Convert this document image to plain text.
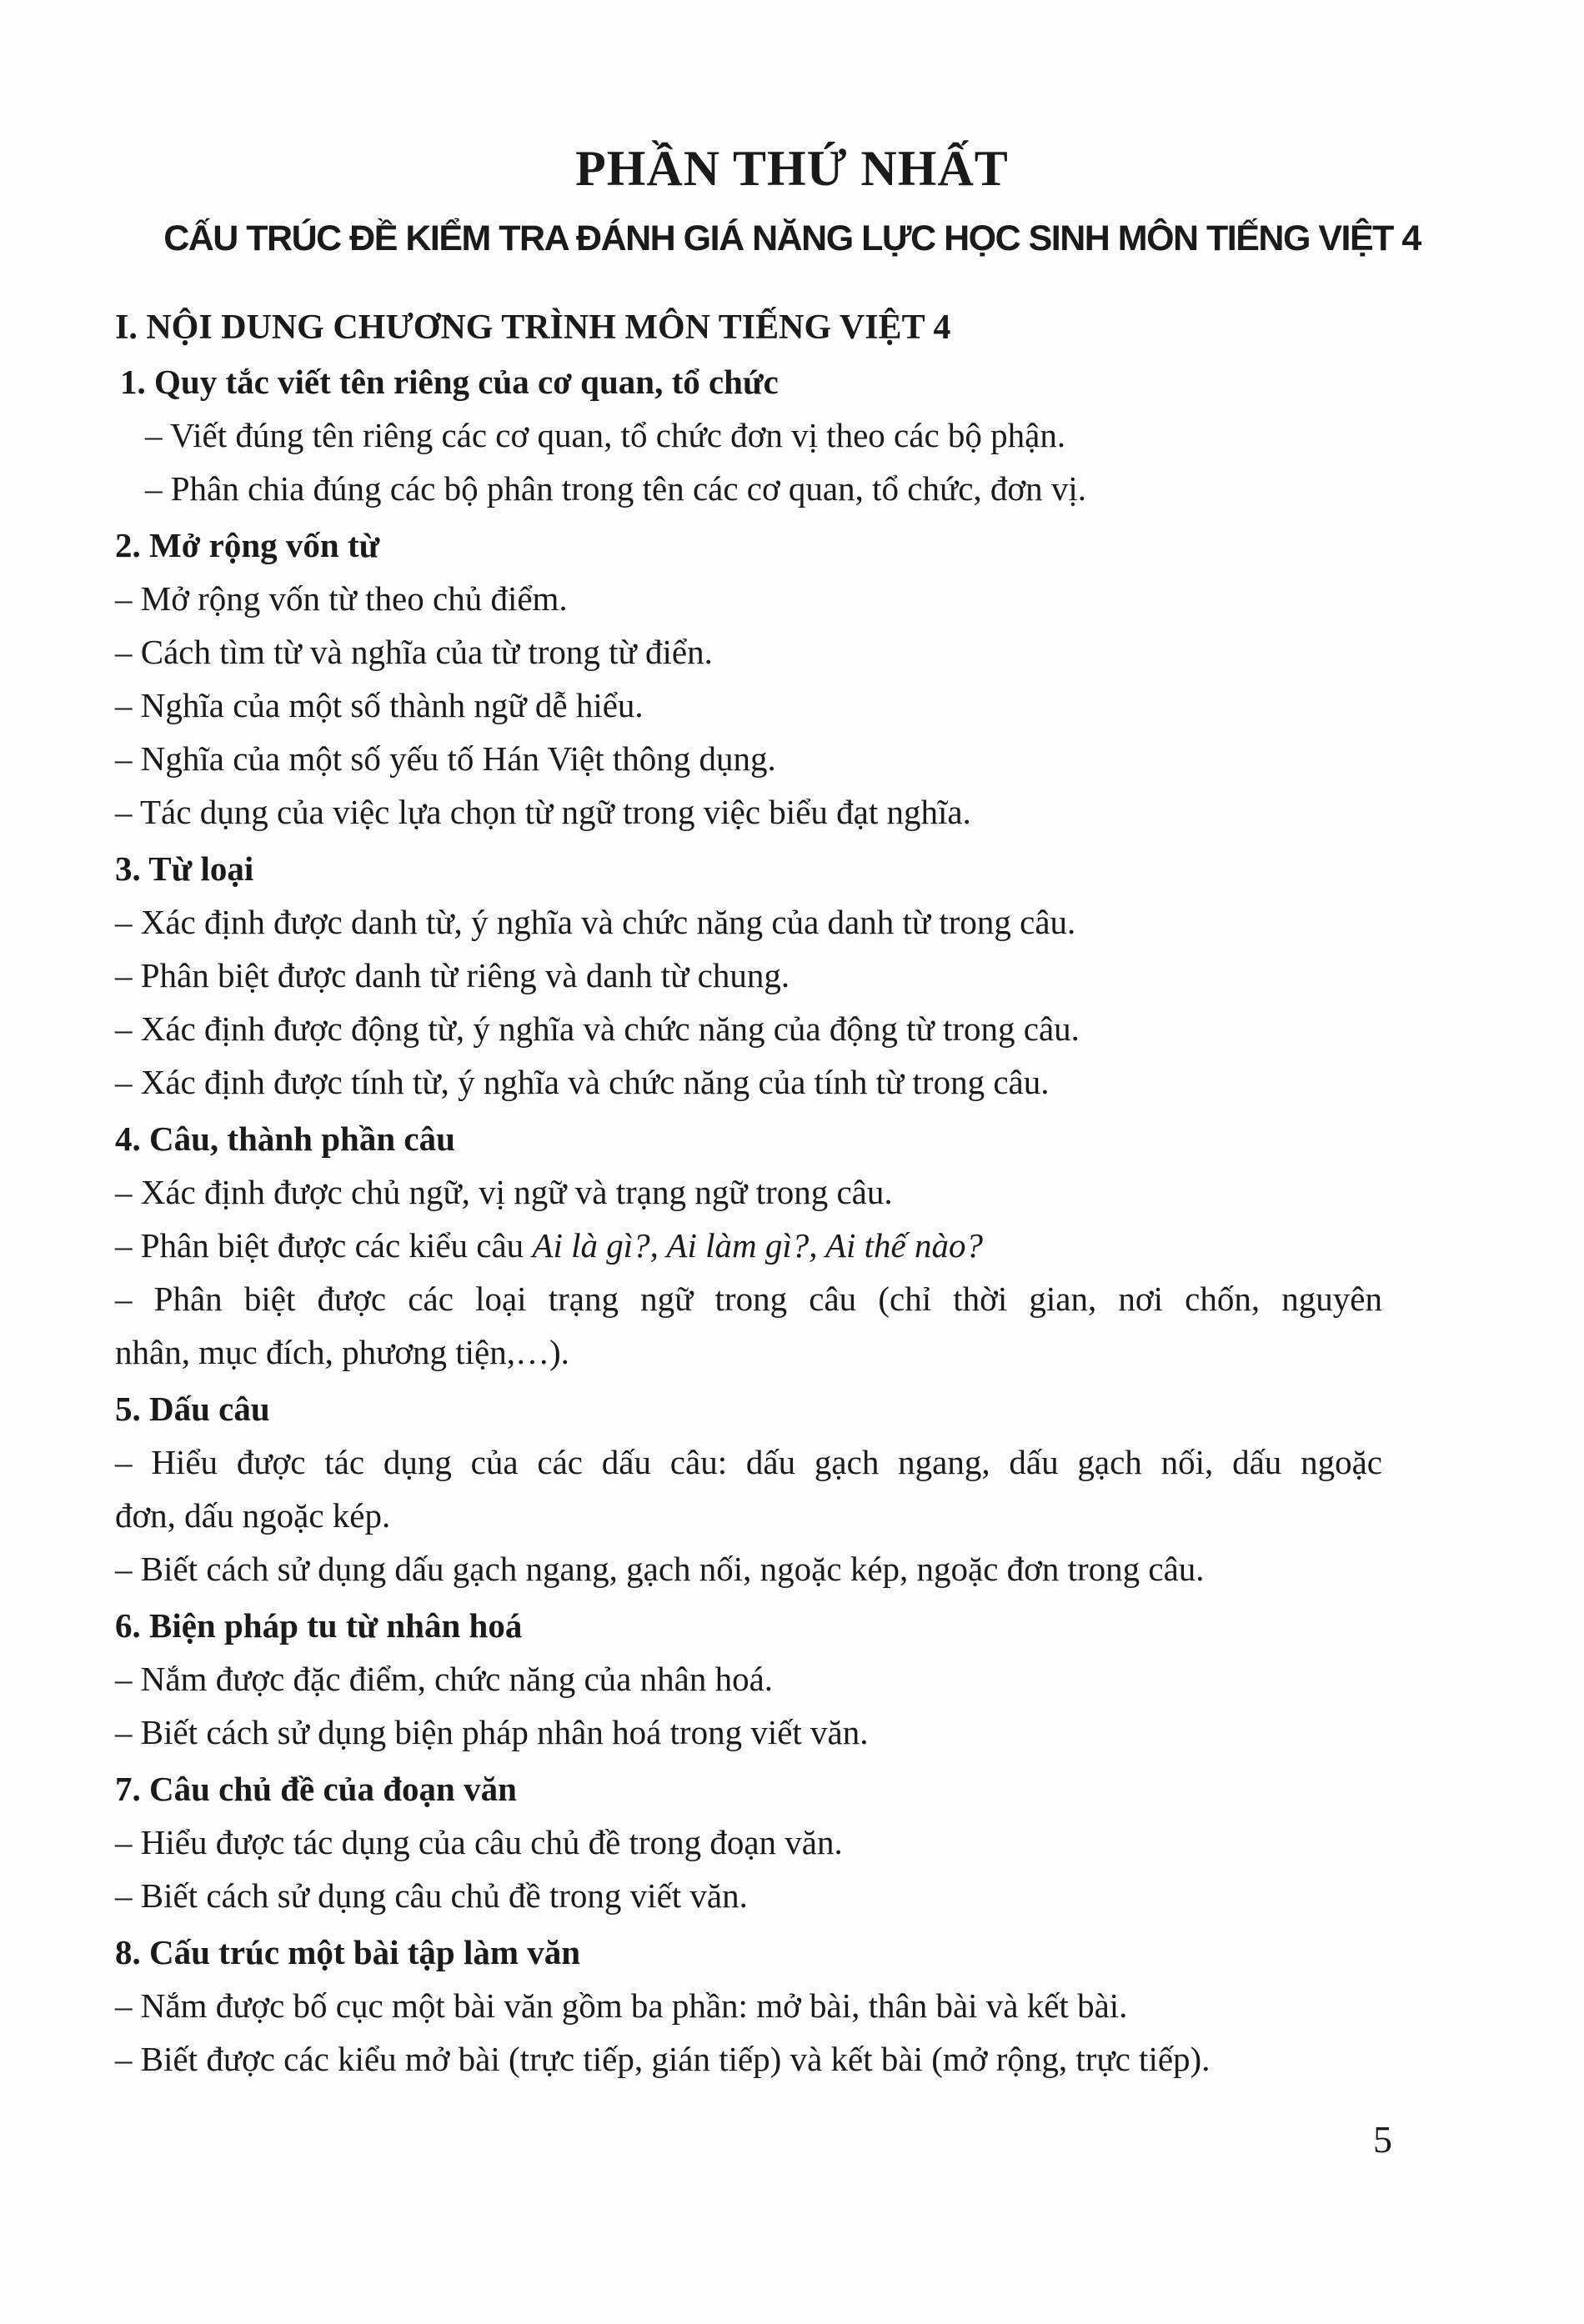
PHẦN THỨ NHẤT
CẤU TRÚC ĐỀ KIỂM TRA ĐÁNH GIÁ NĂNG LỰC HỌC SINH MÔN TIẾNG VIỆT 4

I. NỘI DUNG CHƯƠNG TRÌNH MÔN TIẾNG VIỆT 4

1. Quy tắc viết tên riêng của cơ quan, tổ chức

– Viết đúng tên riêng các cơ quan, tổ chức đơn vị theo các bộ phận.

– Phân chia đúng các bộ phân trong tên các cơ quan, tổ chức, đơn vị.

2. Mở rộng vốn từ

– Mở rộng vốn từ theo chủ điểm.

– Cách tìm từ và nghĩa của từ trong từ điển.

– Nghĩa của một số thành ngữ dễ hiểu.

– Nghĩa của một số yếu tố Hán Việt thông dụng.

– Tác dụng của việc lựa chọn từ ngữ trong việc biểu đạt nghĩa.

3. Từ loại

– Xác định được danh từ, ý nghĩa và chức năng của danh từ trong câu.

– Phân biệt được danh từ riêng và danh từ chung.

– Xác định được động từ, ý nghĩa và chức năng của động từ trong câu.

– Xác định được tính từ, ý nghĩa và chức năng của tính từ trong câu.

4. Câu, thành phần câu

– Xác định được chủ ngữ, vị ngữ và trạng ngữ trong câu.

– Phân biệt được các kiểu câu Ai là gì?, Ai làm gì?, Ai thế nào?

– Phân biệt được các loại trạng ngữ trong câu (chỉ thời gian, nơi chốn, nguyên

nhân, mục đích, phương tiện,…).

5. Dấu câu

– Hiểu được tác dụng của các dấu câu: dấu gạch ngang, dấu gạch nối, dấu ngoặc

đơn, dấu ngoặc kép.

– Biết cách sử dụng dấu gạch ngang, gạch nối, ngoặc kép, ngoặc đơn trong câu.

6. Biện pháp tu từ nhân hoá

– Nắm được đặc điểm, chức năng của nhân hoá.

– Biết cách sử dụng biện pháp nhân hoá trong viết văn.

7. Câu chủ đề của đoạn văn

– Hiểu được tác dụng của câu chủ đề trong đoạn văn.

– Biết cách sử dụng câu chủ đề trong viết văn.

8. Cấu trúc một bài tập làm văn

– Nắm được bố cục một bài văn gồm ba phần: mở bài, thân bài và kết bài.

– Biết được các kiểu mở bài (trực tiếp, gián tiếp) và kết bài (mở rộng, trực tiếp).

5
